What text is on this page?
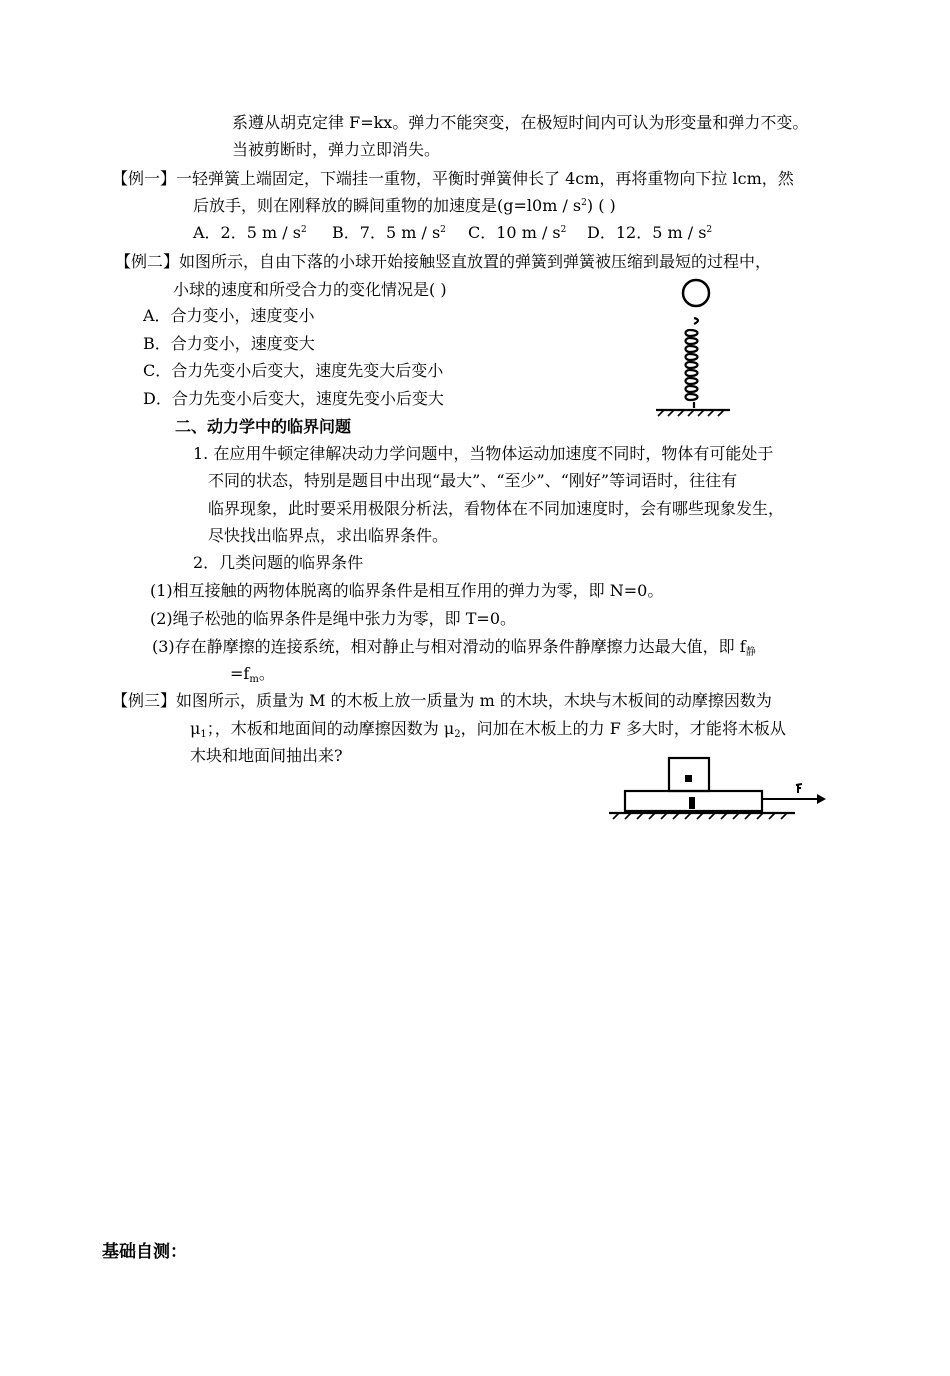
系遵从胡克定律 F=kx。弹力不能突变，在极短时间内可认为形变量和弹力不变。
当被剪断时，弹力立即消失。
【例一】一轻弹簧上端固定，下端挂一重物，平衡时弹簧伸长了 4cm，再将重物向下拉 lcm，然
后放手，则在刚释放的瞬间重物的加速度是$(g=l0m / s^2)$ ( )
A．2．5 m / $s^2$ B．7．5 m / $s^2$ C．10 m / $s^2$ D．12．5 m / $s^2$
【例二】如图所示，自由下落的小球开始接触竖直放置的弹簧到弹簧被压缩到最短的过程中，
小球的速度和所受合力的变化情况是( )
A．合力变小，速度变小
B．合力变小，速度变大
C．合力先变小后变大，速度先变大后变小
D．合力先变小后变大，速度先变小后变大
二、动力学中的临界问题
1. 在应用牛顿定律解决动力学问题中，当物体运动加速度不同时，物体有可能处于
不同的状态，特别是题目中出现“最大”、“至少”、“刚好”等词语时，往往有
临界现象，此时要采用极限分析法，看物体在不同加速度时，会有哪些现象发生，
尽快找出临界点，求出临界条件。
2．几类问题的临界条件
(1)相互接触的两物体脱离的临界条件是相互作用的弹力为零，即 N=0。
(2)绳子松弛的临界条件是绳中张力为零，即 T=0。
(3)存在静摩擦的连接系统，相对静止与相对滑动的临界条件静摩擦力达最大值，即 $f_静$
$=f_m$。
【例三】如图所示，质量为 M 的木板上放一质量为 m 的木块，木块与木板间的动摩擦因数为
$\mu_1$；，木板和地面间的动摩擦因数为 $\mu_2$，问加在木板上的力 F 多大时，才能将木板从
木块和地面间抽出来?
基础自测：
